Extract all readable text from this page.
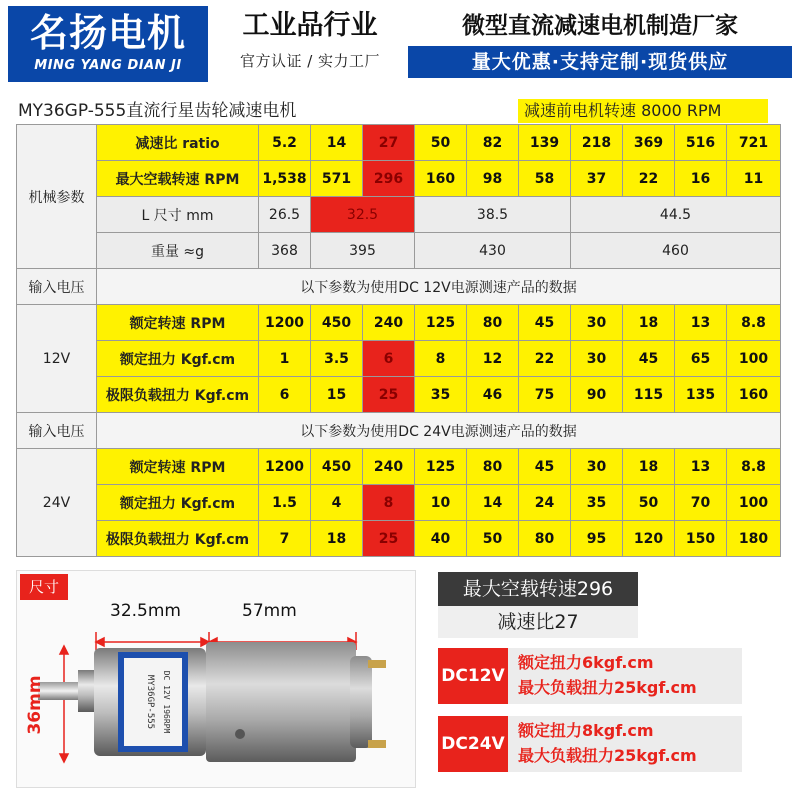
名扬电机
MING YANG DIAN JI
工业品行业
官方认证 / 实力工厂
微型直流减速电机制造厂家
量大优惠·支持定制·现货供应
MY36GP-555直流行星齿轮减速电机	减速前电机转速 8000 RPM
机械参数	减速比 ratio	5.2	14	27	50	82	139	218	369	516	721
	最大空载转速 RPM	1,538	571	296	160	98	58	37	22	16	11
	L 尺寸 mm	26.5	32.5		38.5			44.5			
	重量 ≈g	368	395		430			460			
输入电压	以下参数为使用DC 12V电源测速产品的数据										
12V	额定转速 RPM	1200	450	240	125	80	45	30	18	13	8.8
	额定扭力 Kgf.cm	1	3.5	6	8	12	22	30	45	65	100
	极限负载扭力 Kgf.cm	6	15	25	35	46	75	90	115	135	160
输入电压	以下参数为使用DC 24V电源测速产品的数据										
24V	额定转速 RPM	1200	450	240	125	80	45	30	18	13	8.8
	额定扭力 Kgf.cm	1.5	4	8	10	14	24	35	50	70	100
	极限负载扭力 Kgf.cm	7	18	25	40	50	80	95	120	150	180
尺寸
MY36GP-555 DC 12V 196RPM
32.5mm	57mm
36mm
最大空载转速296
减速比27
DC12V
额定扭力6kgf.cm
最大负载扭力25kgf.cm
DC24V
额定扭力8kgf.cm
最大负载扭力25kgf.cm
